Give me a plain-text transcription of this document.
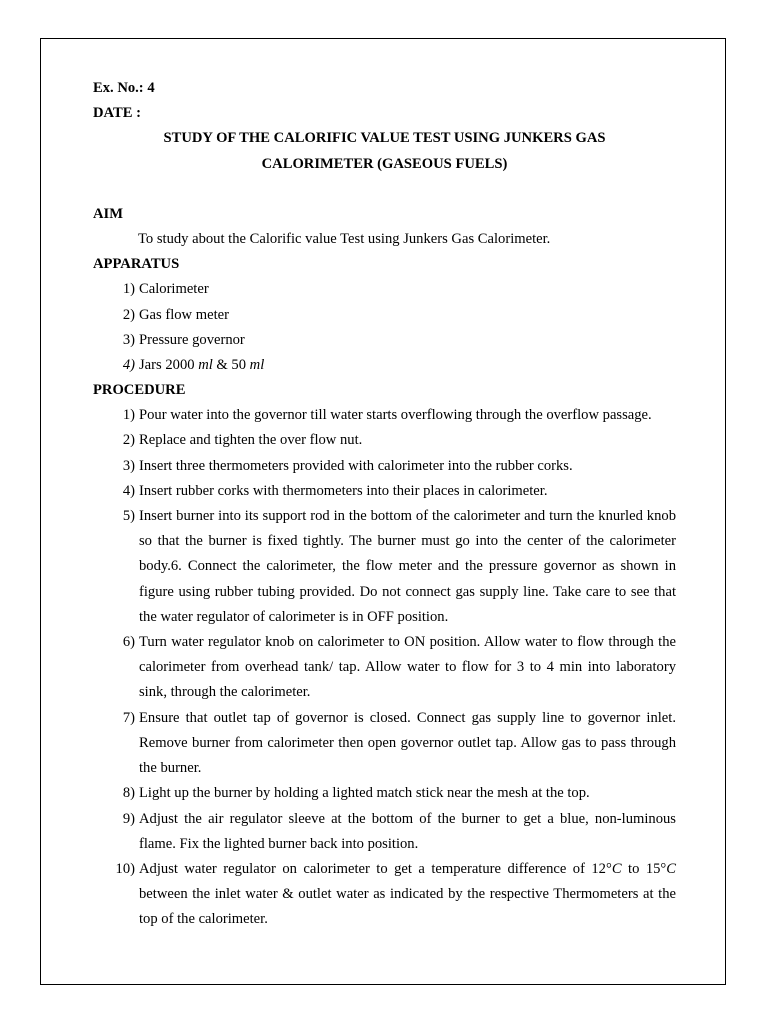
Ex. No.: 4
DATE :
STUDY OF THE CALORIFIC VALUE TEST USING JUNKERS GAS
CALORIMETER (GASEOUS FUELS)
AIM
To study about the Calorific value Test using Junkers Gas Calorimeter.
APPARATUS
1) Calorimeter
2) Gas flow meter
3) Pressure governor
4) Jars 2000 ml & 50 ml
PROCEDURE
1) Pour water into the governor till water starts overflowing through the overflow passage.
2) Replace and tighten the over flow nut.
3) Insert three thermometers provided with calorimeter into the rubber corks.
4) Insert rubber corks with thermometers into their places in calorimeter.
5) Insert burner into its support rod in the bottom of the calorimeter and turn the knurled knob so that the burner is fixed tightly. The burner must go into the center of the calorimeter body.6. Connect the calorimeter, the flow meter and the pressure governor as shown in figure using rubber tubing provided. Do not connect gas supply line. Take care to see that the water regulator of calorimeter is in OFF position.
6) Turn water regulator knob on calorimeter to ON position. Allow water to flow through the calorimeter from overhead tank/ tap. Allow water to flow for 3 to 4 min into laboratory sink, through the calorimeter.
7) Ensure that outlet tap of governor is closed. Connect gas supply line to governor inlet. Remove burner from calorimeter then open governor outlet tap. Allow gas to pass through the burner.
8) Light up the burner by holding a lighted match stick near the mesh at the top.
9) Adjust the air regulator sleeve at the bottom of the burner to get a blue, non-luminous flame. Fix the lighted burner back into position.
10) Adjust water regulator on calorimeter to get a temperature difference of 12°C to 15°C between the inlet water & outlet water as indicated by the respective Thermometers at the top of the calorimeter.
